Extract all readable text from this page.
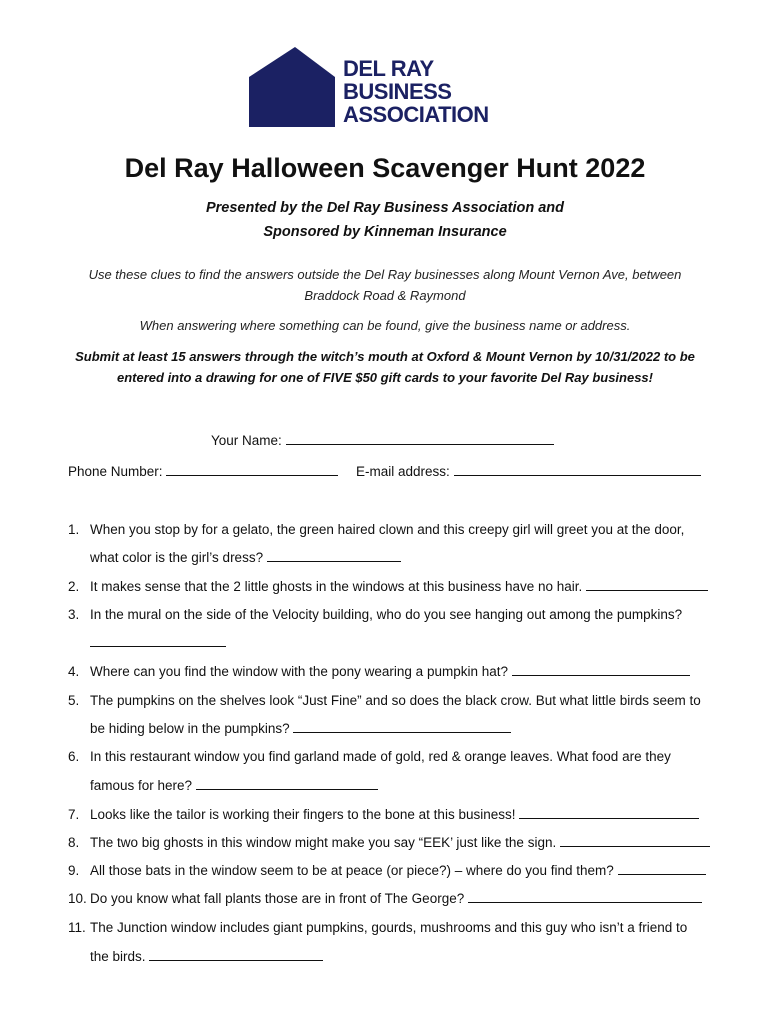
DEL RAY
BUSINESS
ASSOCIATION
Del Ray Halloween Scavenger Hunt 2022
Presented by the Del Ray Business Association and
Sponsored by Kinneman Insurance
Use these clues to find the answers outside the Del Ray businesses along Mount Vernon Ave, between
Braddock Road & Raymond
When answering where something can be found, give the business name or address.
Submit at least 15 answers through the witch’s mouth at Oxford & Mount Vernon by 10/31/2022 to be
entered into a drawing for one of FIVE $50 gift cards to your favorite Del Ray business!
Your Name:
Phone Number:	E-mail address:
1. When you stop by for a gelato, the green haired clown and this creepy girl will greet you at the door,
what color is the girl’s dress?
2. It makes sense that the 2 little ghosts in the windows at this business have no hair.
3. In the mural on the side of the Velocity building, who do you see hanging out among the pumpkins?
4. Where can you find the window with the pony wearing a pumpkin hat?
5. The pumpkins on the shelves look “Just Fine” and so does the black crow. But what little birds seem to
be hiding below in the pumpkins?
6. In this restaurant window you find garland made of gold, red & orange leaves. What food are they
famous for here?
7. Looks like the tailor is working their fingers to the bone at this business!
8. The two big ghosts in this window might make you say “EEK’ just like the sign.
9. All those bats in the window seem to be at peace (or piece?) – where do you find them?
10. Do you know what fall plants those are in front of The George?
11. The Junction window includes giant pumpkins, gourds, mushrooms and this guy who isn’t a friend to
the birds.
